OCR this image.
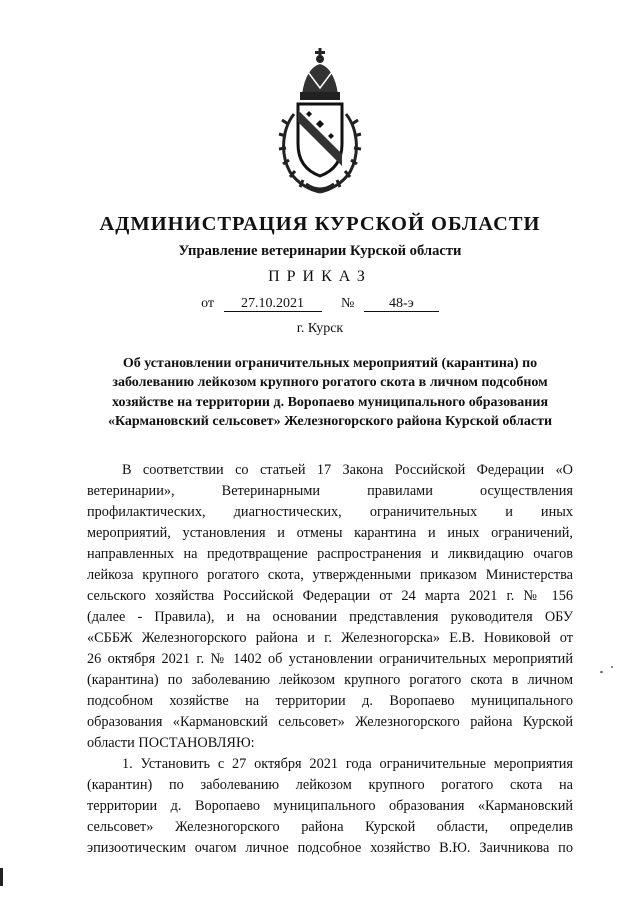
АДМИНИСТРАЦИЯ КУРСКОЙ ОБЛАСТИ
Управление ветеринарии Курской области
ПРИКАЗ
от 27.10.2021	№ 48-э
г. Курск
Об установлении ограничительных мероприятий (карантина) по
заболеванию лейкозом крупного рогатого скота в личном подсобном
хозяйстве на территории д. Воропаево муниципального образования
«Кармановский сельсовет» Железногорского района Курской области
В соответствии со статьей 17 Закона Российской Федерации «О
ветеринарии», Ветеринарными правилами осуществления
профилактических, диагностических, ограничительных и иных
мероприятий, установления и отмены карантина и иных ограничений,
направленных на предотвращение распространения и ликвидацию очагов
лейкоза крупного рогатого скота, утвержденными приказом Министерства
сельского хозяйства Российской Федерации от 24 марта 2021 г. № 156
(далее - Правила), и на основании представления руководителя ОБУ
«СББЖ Железногорского района и г. Железногорска» Е.В. Новиковой от
26 октября 2021 г. № 1402 об установлении ограничительных мероприятий
(карантина) по заболеванию лейкозом крупного рогатого скота в личном
подсобном хозяйстве на территории д. Воропаево муниципального
образования «Кармановский сельсовет» Железногорского района Курской
области ПОСТАНОВЛЯЮ:
1. Установить с 27 октября 2021 года ограничительные мероприятия
(карантин) по заболеванию лейкозом крупного рогатого скота на
территории д. Воропаево муниципального образования «Кармановский
сельсовет» Железногорского района Курской области, определив
эпизоотическим очагом личное подсобное хозяйство В.Ю. Заичникова по
